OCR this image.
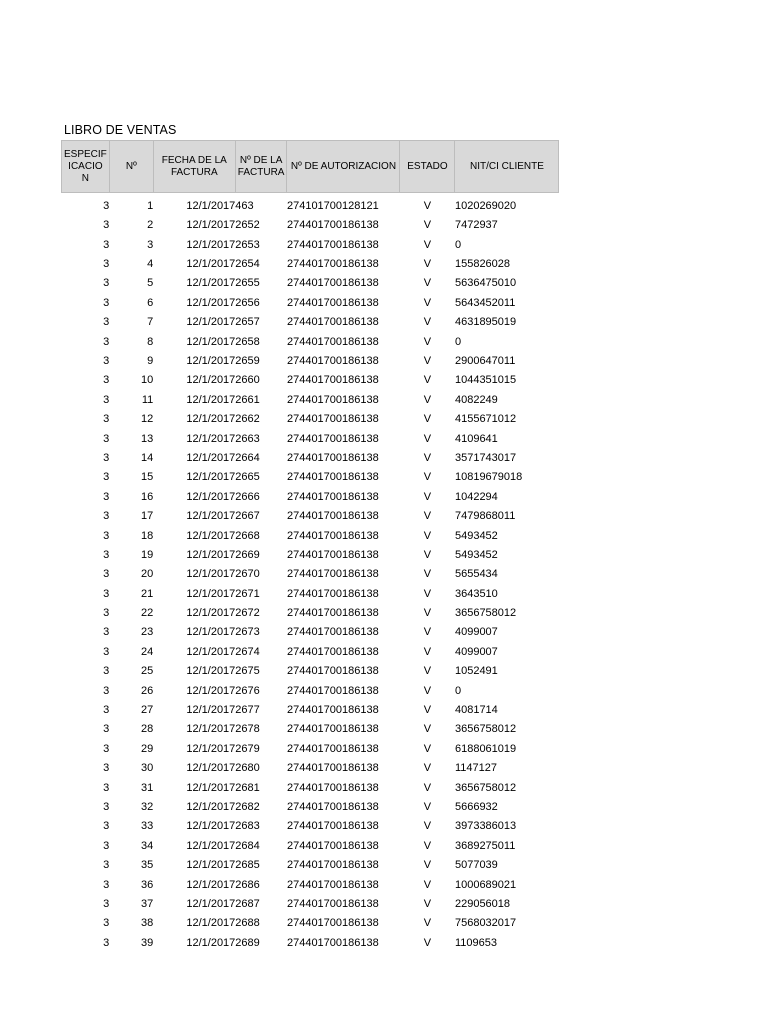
LIBRO DE VENTAS
ESPECIF ICACIO N	Nº	FECHA DE LA FACTURA	Nº DE LA FACTURA	Nº DE AUTORIZACION	ESTADO	NIT/CI CLIENTE
3	1	12/1/2017	463	274101700128121	V	1020269020
3	2	12/1/2017	2652	274401700186138	V	7472937
3	3	12/1/2017	2653	274401700186138	V	0
3	4	12/1/2017	2654	274401700186138	V	155826028
3	5	12/1/2017	2655	274401700186138	V	5636475010
3	6	12/1/2017	2656	274401700186138	V	5643452011
3	7	12/1/2017	2657	274401700186138	V	4631895019
3	8	12/1/2017	2658	274401700186138	V	0
3	9	12/1/2017	2659	274401700186138	V	2900647011
3	10	12/1/2017	2660	274401700186138	V	1044351015
3	11	12/1/2017	2661	274401700186138	V	4082249
3	12	12/1/2017	2662	274401700186138	V	4155671012
3	13	12/1/2017	2663	274401700186138	V	4109641
3	14	12/1/2017	2664	274401700186138	V	3571743017
3	15	12/1/2017	2665	274401700186138	V	10819679018
3	16	12/1/2017	2666	274401700186138	V	1042294
3	17	12/1/2017	2667	274401700186138	V	7479868011
3	18	12/1/2017	2668	274401700186138	V	5493452
3	19	12/1/2017	2669	274401700186138	V	5493452
3	20	12/1/2017	2670	274401700186138	V	5655434
3	21	12/1/2017	2671	274401700186138	V	3643510
3	22	12/1/2017	2672	274401700186138	V	3656758012
3	23	12/1/2017	2673	274401700186138	V	4099007
3	24	12/1/2017	2674	274401700186138	V	4099007
3	25	12/1/2017	2675	274401700186138	V	1052491
3	26	12/1/2017	2676	274401700186138	V	0
3	27	12/1/2017	2677	274401700186138	V	4081714
3	28	12/1/2017	2678	274401700186138	V	3656758012
3	29	12/1/2017	2679	274401700186138	V	6188061019
3	30	12/1/2017	2680	274401700186138	V	1147127
3	31	12/1/2017	2681	274401700186138	V	3656758012
3	32	12/1/2017	2682	274401700186138	V	5666932
3	33	12/1/2017	2683	274401700186138	V	3973386013
3	34	12/1/2017	2684	274401700186138	V	3689275011
3	35	12/1/2017	2685	274401700186138	V	5077039
3	36	12/1/2017	2686	274401700186138	V	1000689021
3	37	12/1/2017	2687	274401700186138	V	229056018
3	38	12/1/2017	2688	274401700186138	V	7568032017
3	39	12/1/2017	2689	274401700186138	V	1109653
